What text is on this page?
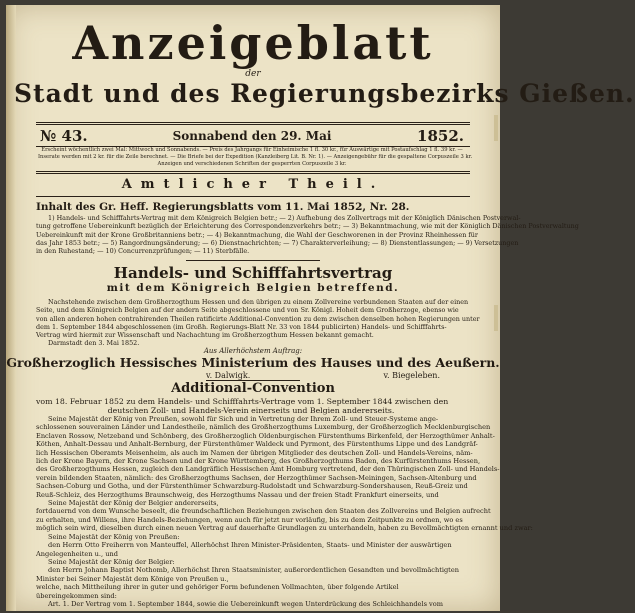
Anzeigeblatt
der
Stadt und des Regierungsbezirks Gießen.
№ 43.	Sonnabend den 29. Mai	1852.
Erscheint wöchentlich zwei Mal: Mittwoch und Sonnabends. — Preis des Jahrgangs für Einheimische 1 fl. 30 kr., für Auswärtige mit Postaufschlag 1 fl. 39 kr. —
Inserate werden mit 2 kr. für die Zeile berechnet. — Die Briefe bei der Expedition (Kanzleiberg Lit. B. Nr. 1). — Anzeigengebühr für die gespaltene Corpuszeile 3 kr.
Anzeigen und verschiedenen Schriften der gesperrten Corpuszeile 3 kr.
Amtlicher Theil.
Inhalt des Gr. Heff. Regierungsblatts vom 11. Mai 1852, Nr. 28.

1) Handels- und Schifffahrts-Vertrag mit dem Königreich Belgien betr.; — 2) Aufhebung des Zollvertrags mit der Königlich Dänischen Postverwal-

tung getroffene Uebereinkunft bezüglich der Erleichterung des Correspondenzverkehrs betr.; — 3) Bekanntmachung, wie mit der Königlich Dänischen Postverwaltung

Uebereinkunft mit der Krone Großbritanniens betr.; — 4) Bekanntmachung, die Wahl der Geschworenen in der Provinz Rheinhessen für

das Jahr 1853 betr.; — 5) Rangordnungsänderung; — 6) Dienstnachrichten; — 7) Charakterverleihung; — 8) Dienstentlassungen; — 9) Versetzungen

in den Ruhestand; — 10) Concurrenzprüfungen; — 11) Sterbfälle.

Handels- und Schifffahrtsvertrag
mit dem Königreich Belgien betreffend.

Nachstehende zwischen dem Großherzogthum Hessen und den übrigen zu einem Zollvereine verbundenen Staaten auf der einen

Seite, und dem Königreich Belgien auf der andern Seite abgeschlossene und von Sr. Königl. Hoheit dem Großherzoge, ebenso wie

von allen anderen hohen contrahirenden Theilen ratificirte Additional-Convention zu dem zwischen denselben hohen Regierungen unter

dem 1. September 1844 abgeschlossenen (im Großh. Regierungs-Blatt Nr. 33 von 1844 publicirten) Handels- und Schifffahrts-

Vertrag wird hiermit zur Wissenschaft und Nachachtung im Großherzogthum Hessen bekannt gemacht.

Darmstadt den 3. Mai 1852.

Aus Allerhöchstem Auftrag:
Großherzoglich Hessisches Ministerium des Hauses und des Aeußern.
v. Dalwigk.	v. Biegeleben.
Additional-Convention

vom 18. Februar 1852 zu dem Handels- und Schifffahrts-Vertrage vom 1. September 1844 zwischen den

deutschen Zoll- und Handels-Verein einerseits und Belgien andererseits.

Seine Majestät der König von Preußen, sowohl für Sich und in Vertretung der Ihrem Zoll- und Steuer-Systeme ange-

schlossenen souverainen Länder und Landestheile, nämlich des Großherzogthums Luxemburg, der Großherzoglich Mecklenburgischen

Enclaven Rossow, Netzeband und Schönberg, des Großherzoglich Oldenburgischen Fürstenthums Birkenfeld, der Herzogthümer Anhalt-

Köthen, Anhalt-Dessau und Anhalt-Bernburg, der Fürstenthümer Waldeck und Pyrmont, des Fürstenthums Lippe und des Landgräf-

lich Hessischen Oberamts Meisenheim, als auch im Namen der übrigen Mitglieder des deutschen Zoll- und Handels-Vereins, näm-

lich der Krone Bayern, der Krone Sachsen und der Krone Württemberg, des Großherzogthums Baden, des Kurfürstenthums Hessen,

des Großherzogthums Hessen, zugleich den Landgräflich Hessischen Amt Homburg vertretend, der den Thüringischen Zoll- und Handels-

verein bildenden Staaten, nämlich: des Großherzogthums Sachsen, der Herzogthümer Sachsen-Meiningen, Sachsen-Altenburg und

Sachsen-Coburg und Gotha, und der Fürstenthümer Schwarzburg-Rudolstadt und Schwarzburg-Sondershausen, Reuß-Greiz und

Reuß-Schleiz, des Herzogthums Braunschweig, des Herzogthums Nassau und der freien Stadt Frankfurt einerseits, und

Seine Majestät der König der Belgier andererseits,

fortdauernd von dem Wunsche beseelt, die freundschaftlichen Beziehungen zwischen den Staaten des Zollvereins und Belgien aufrecht

zu erhalten, und Willens, ihre Handels-Beziehungen, wenn auch für jetzt nur vorläufig, bis zu dem Zeitpunkte zu ordnen, wo es

möglich sein wird, dieselben durch einen neuen Vertrag auf dauerhafte Grundlagen zu unterhandeln, haben zu Bevollmächtigten ernannt und zwar:

Seine Majestät der König von Preußen:

den Herrn Otto Freiherrn von Manteuffel, Allerhöchst Ihren Minister-Präsidenten, Staats- und Minister der auswärtigen

Angelegenheiten u., und

Seine Majestät der König der Belgier:

den Herrn Johann Baptist Nothomb, Allerhöchst Ihren Staatsminister, außerordentlichen Gesandten und bevollmächtigten

Minister bei Seiner Majestät dem Könige von Preußen u.,

welche, nach Mittheilung ihrer in guter und gehöriger Form befundenen Vollmachten, über folgende Artikel

übereingekommen sind:

Art. 1. Der Vertrag vom 1. September 1844, sowie die Uebereinkunft wegen Unterdrückung des Schleichhandels vom
